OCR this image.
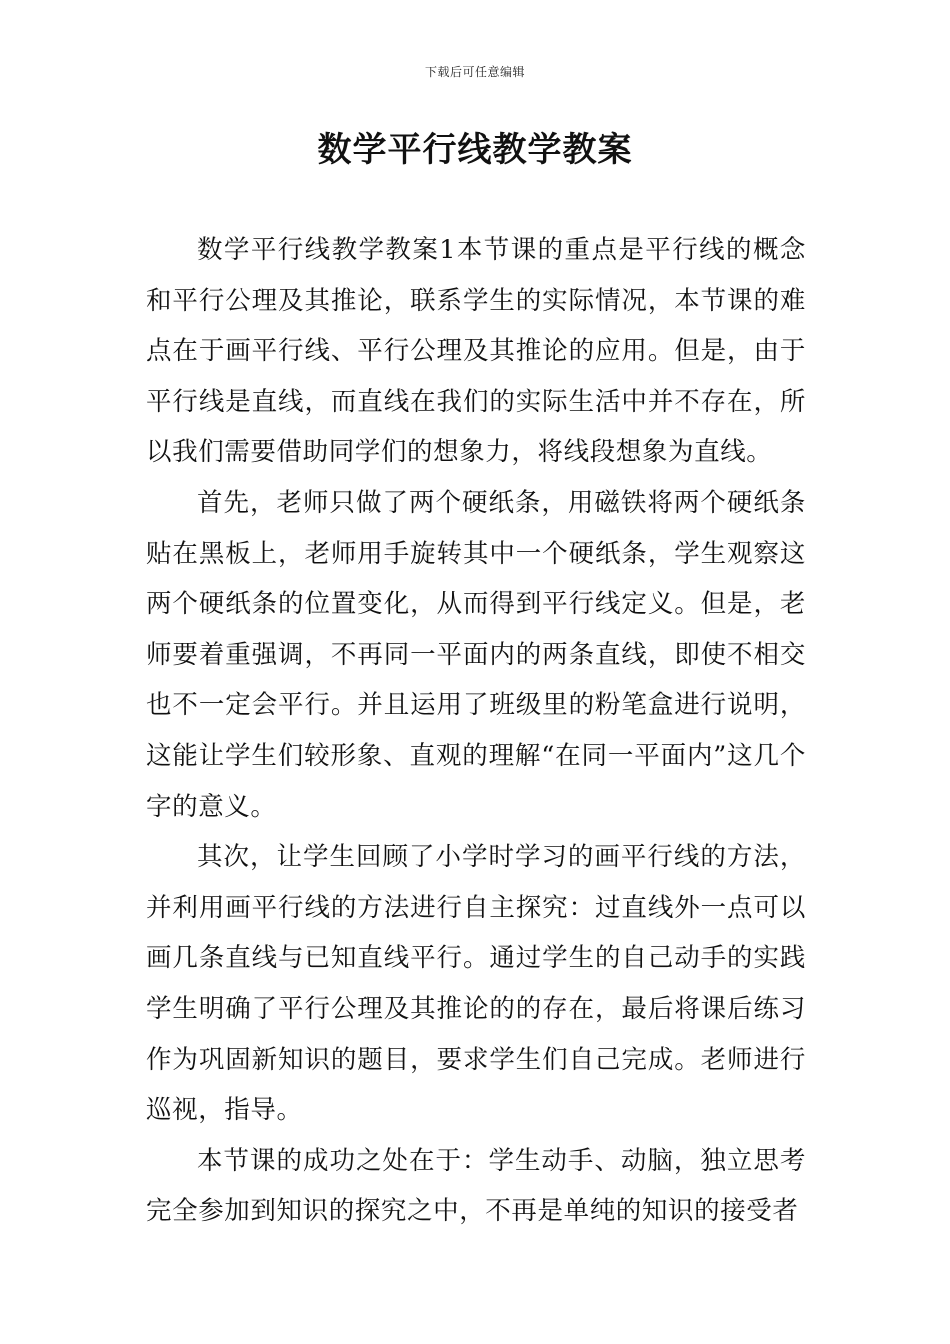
下载后可任意编辑
数学平行线教学教案

数学平行线教学教案1本节课的重点是平行线的概念和平行公理及其推论，联系学生的实际情况，本节课的难点在于画平行线、平行公理及其推论的应用。但是，由于平行线是直线，而直线在我们的实际生活中并不存在，所以我们需要借助同学们的想象力，将线段想象为直线。

首先，老师只做了两个硬纸条，用磁铁将两个硬纸条贴在黑板上，老师用手旋转其中一个硬纸条，学生观察这两个硬纸条的位置变化，从而得到平行线定义。但是，老师要着重强调，不再同一平面内的两条直线，即使不相交也不一定会平行。并且运用了班级里的粉笔盒进行说明，这能让学生们较形象、直观的理解“在同一平面内”这几个字的意义。

其次，让学生回顾了小学时学习的画平行线的方法，并利用画平行线的方法进行自主探究：过直线外一点可以画几条直线与已知直线平行。通过学生的自己动手的实践学生明确了平行公理及其推论的的存在，最后将课后练习作为巩固新知识的题目，要求学生们自己完成。老师进行巡视，指导。

本节课的成功之处在于：学生动手、动脑，独立思考完全参加到知识的探究之中，不再是单纯的知识的接受者
